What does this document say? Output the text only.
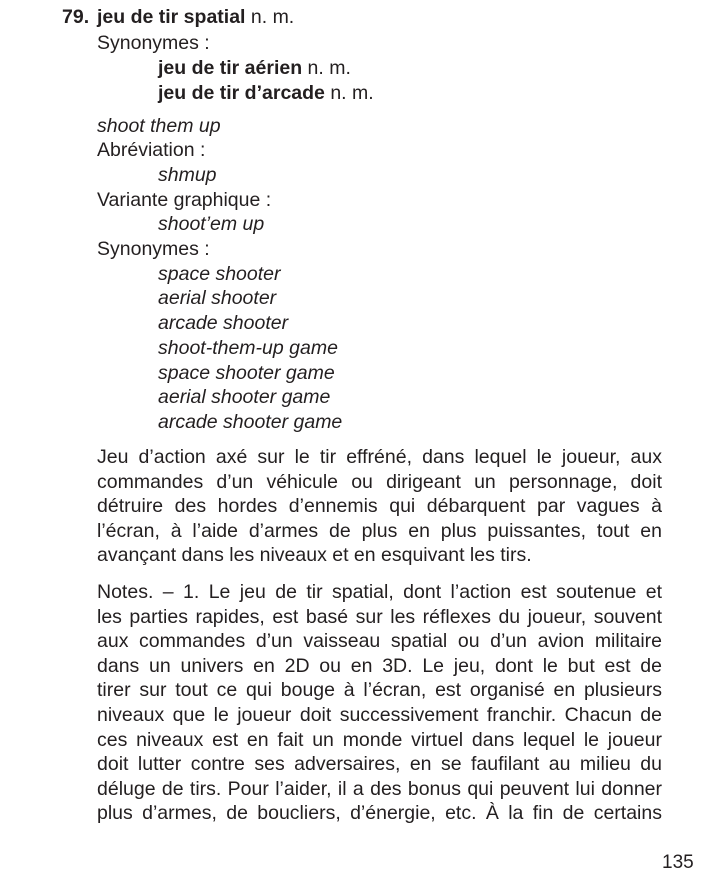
79. jeu de tir spatial n. m.
Synonymes :
jeu de tir aérien n. m.
jeu de tir d’arcade n. m.
shoot them up
Abréviation :
shmup
Variante graphique :
shoot’em up
Synonymes :
space shooter
aerial shooter
arcade shooter
shoot-them-up game
space shooter game
aerial shooter game
arcade shooter game
Jeu d’action axé sur le tir effréné, dans lequel le joueur, aux
commandes d’un véhicule ou dirigeant un personnage, doit
détruire des hordes d’ennemis qui débarquent par vagues à
l’écran, à l’aide d’armes de plus en plus puissantes, tout en
avançant dans les niveaux et en esquivant les tirs.
Notes. – 1. Le jeu de tir spatial, dont l’action est soutenue et
les parties rapides, est basé sur les réflexes du joueur, souvent
aux commandes d’un vaisseau spatial ou d’un avion militaire
dans un univers en 2D ou en 3D. Le jeu, dont le but est de
tirer sur tout ce qui bouge à l’écran, est organisé en plusieurs
niveaux que le joueur doit successivement franchir. Chacun de
ces niveaux est en fait un monde virtuel dans lequel le joueur
doit lutter contre ses adversaires, en se faufilant au milieu du
déluge de tirs. Pour l’aider, il a des bonus qui peuvent lui donner
plus d’armes, de boucliers, d’énergie, etc. À la fin de certains
135
